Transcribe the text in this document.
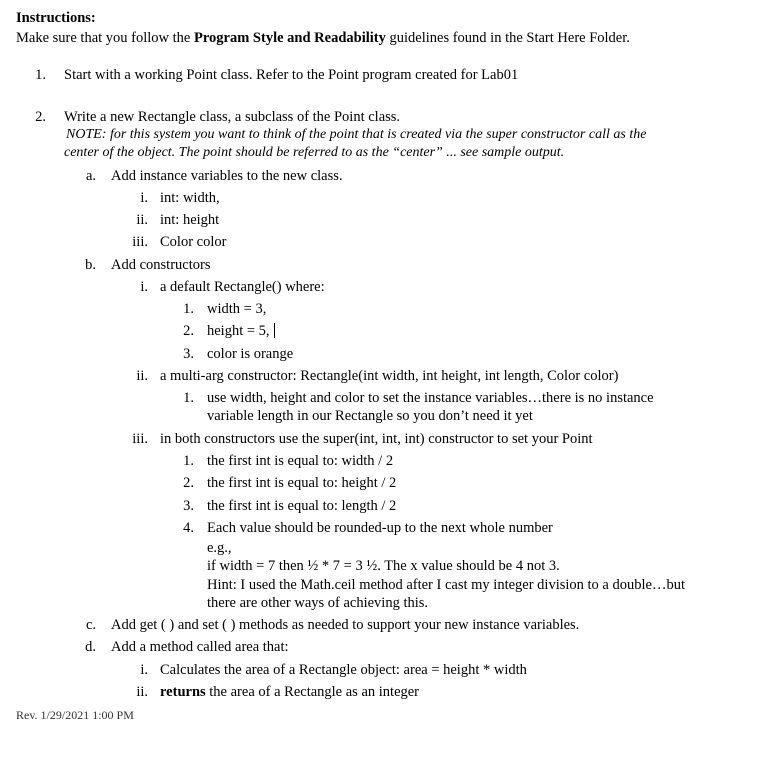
Instructions:
Make sure that you follow the Program Style and Readability guidelines found in the Start Here Folder.
1. Start with a working Point class. Refer to the Point program created for Lab01
2. Write a new Rectangle class, a subclass of the Point class.
NOTE: for this system you want to think of the point that is created via the super constructor call as the
center of the object. The point should be referred to as the “center” ... see sample output.
a. Add instance variables to the new class.
i. int: width,
ii. int: height
iii. Color color
b. Add constructors
i. a default Rectangle() where:
1. width = 3,
2. height = 5,
3. color is orange
ii. a multi-arg constructor: Rectangle(int width, int height, int length, Color color)
1. use width, height and color to set the instance variables…there is no instance
variable length in our Rectangle so you don’t need it yet
iii. in both constructors use the super(int, int, int) constructor to set your Point
1. the first int is equal to: width / 2
2. the first int is equal to: height / 2
3. the first int is equal to: length / 2
4. Each value should be rounded-up to the next whole number
e.g.,
if width = 7 then ½ * 7 = 3 ½. The x value should be 4 not 3.
Hint: I used the Math.ceil method after I cast my integer division to a double…but
there are other ways of achieving this.
c. Add get ( ) and set ( ) methods as needed to support your new instance variables.
d. Add a method called area that:
i. Calculates the area of a Rectangle object: area = height * width
ii. returns the area of a Rectangle as an integer
Rev. 1/29/2021 1:00 PM
